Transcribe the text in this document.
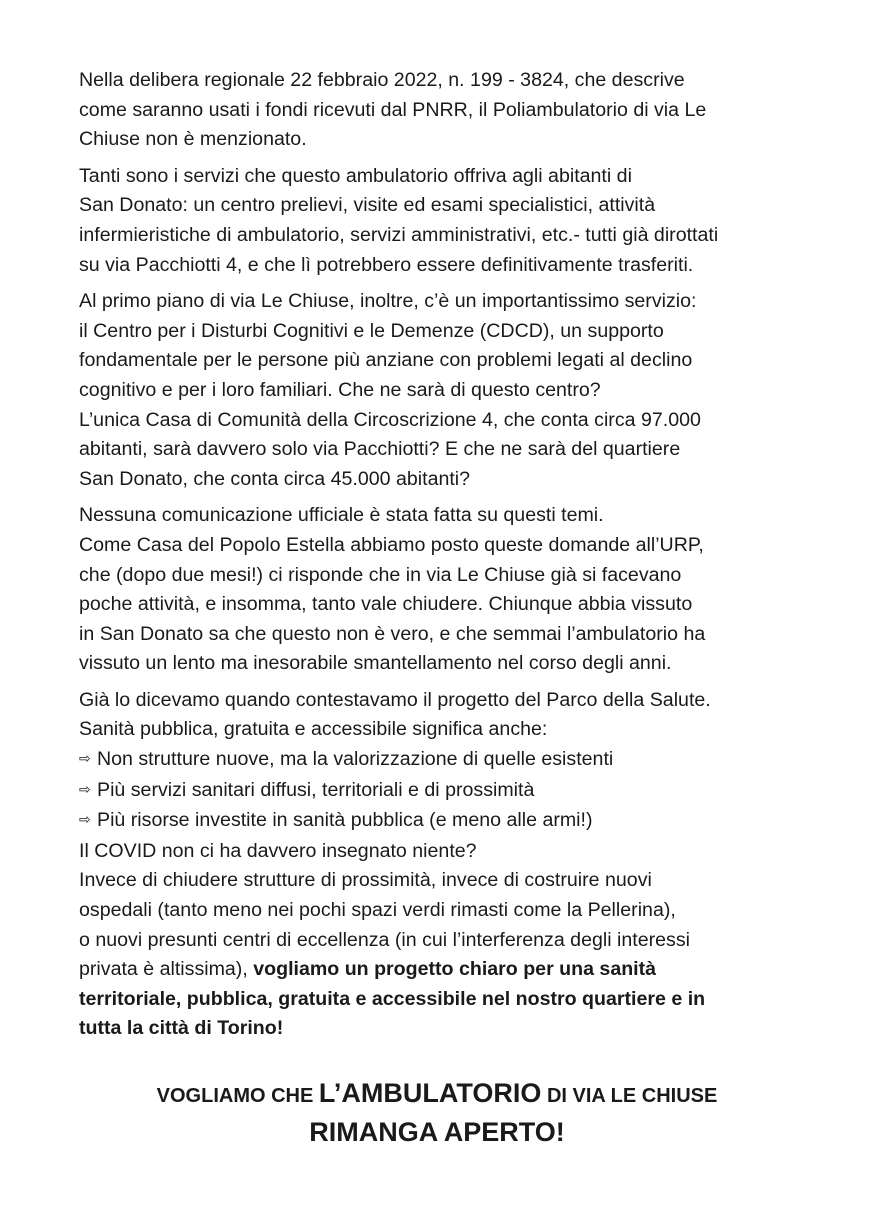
Nella delibera regionale 22 febbraio 2022, n. 199 - 3824, che descrive
come saranno usati i fondi ricevuti dal PNRR, il Poliambulatorio di via Le
Chiuse non è menzionato.

Tanti sono i servizi che questo ambulatorio offriva agli abitanti di
San Donato: un centro prelievi, visite ed esami specialistici, attività
infermieristiche di ambulatorio, servizi amministrativi, etc.- tutti già dirottati
su via Pacchiotti 4, e che lì potrebbero essere definitivamente trasferiti.

Al primo piano di via Le Chiuse, inoltre, c’è un importantissimo servizio:
il Centro per i Disturbi Cognitivi e le Demenze (CDCD), un supporto
fondamentale per le persone più anziane con problemi legati al declino
cognitivo e per i loro familiari. Che ne sarà di questo centro?
L’unica Casa di Comunità della Circoscrizione 4, che conta circa 97.000
abitanti, sarà davvero solo via Pacchiotti? E che ne sarà del quartiere
San Donato, che conta circa 45.000 abitanti?

Nessuna comunicazione ufficiale è stata fatta su questi temi.
Come Casa del Popolo Estella abbiamo posto queste domande all’URP,
che (dopo due mesi!) ci risponde che in via Le Chiuse già si facevano
poche attività, e insomma, tanto vale chiudere. Chiunque abbia vissuto
in San Donato sa che questo non è vero, e che semmai l’ambulatorio ha
vissuto un lento ma inesorabile smantellamento nel corso degli anni.

Già lo dicevamo quando contestavamo il progetto del Parco della Salute.
Sanità pubblica, gratuita e accessibile significa anche:
⇨ Non strutture nuove, ma la valorizzazione di quelle esistenti
⇨ Più servizi sanitari diffusi, territoriali e di prossimità
⇨ Più risorse investite in sanità pubblica (e meno alle armi!)
Il COVID non ci ha davvero insegnato niente?
Invece di chiudere strutture di prossimità, invece di costruire nuovi
ospedali (tanto meno nei pochi spazi verdi rimasti come la Pellerina),
o nuovi presunti centri di eccellenza (in cui l’interferenza degli interessi
privata è altissima), vogliamo un progetto chiaro per una sanità
territoriale, pubblica, gratuita e accessibile nel nostro quartiere e in
tutta la città di Torino!

VOGLIAMO CHE L’AMBULATORIO DI VIA LE CHIUSE
RIMANGA APERTO!
